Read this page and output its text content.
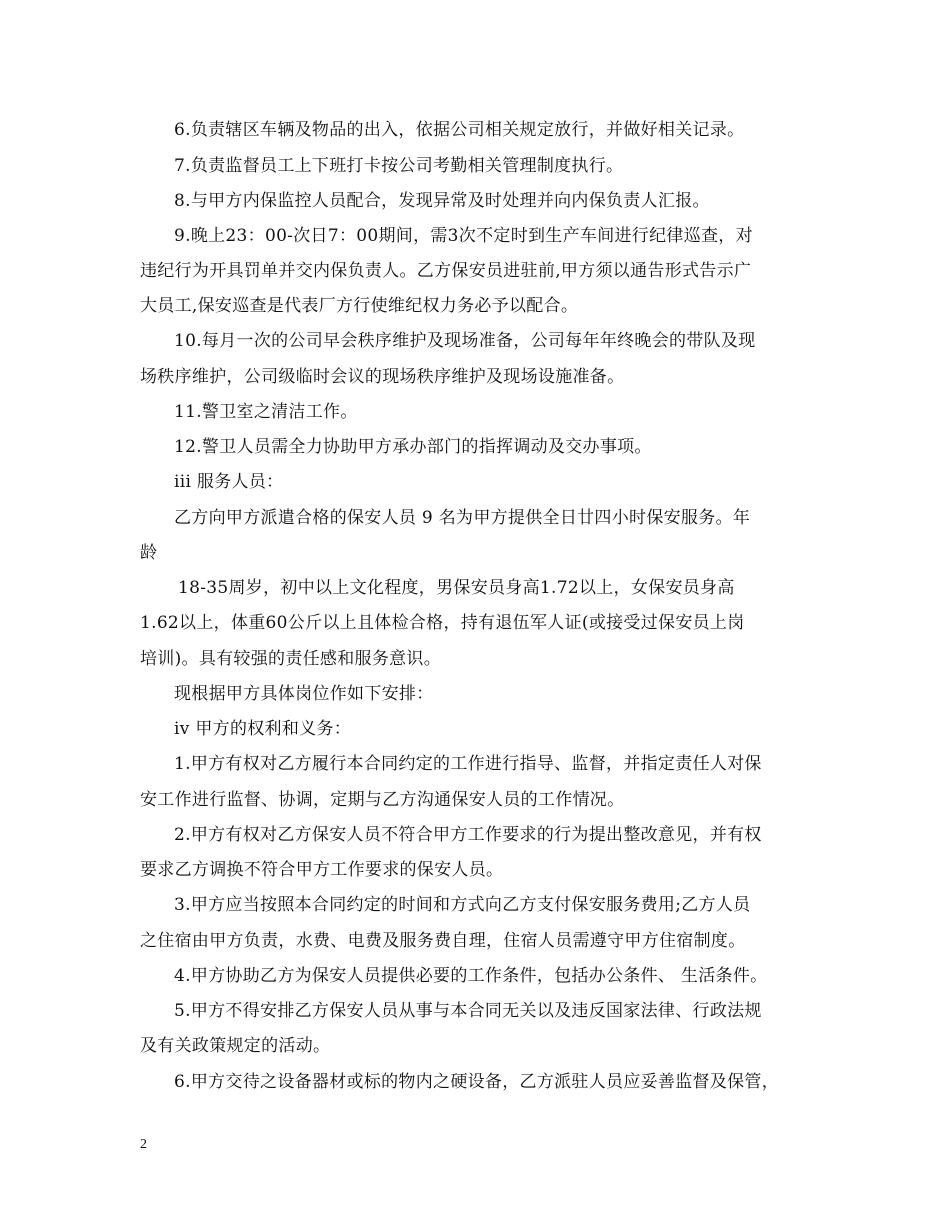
6.负责辖区车辆及物品的出入，依据公司相关规定放行，并做好相关记录。
7.负责监督员工上下班打卡按公司考勤相关管理制度执行。
8.与甲方内保监控人员配合，发现异常及时处理并向内保负责人汇报。
9.晚上23：00-次日7：00期间，需3次不定时到生产车间进行纪律巡查，对
违纪行为开具罚单并交内保负责人。乙方保安员进驻前,甲方须以通告形式告示广
大员工,保安巡查是代表厂方行使维纪权力务必予以配合。
10.每月一次的公司早会秩序维护及现场准备，公司每年年终晚会的带队及现
场秩序维护，公司级临时会议的现场秩序维护及现场设施准备。
11.警卫室之清洁工作。
12.警卫人员需全力协助甲方承办部门的指挥调动及交办事项。
iii 服务人员：
乙方向甲方派遣合格的保安人员 9 名为甲方提供全日廿四小时保安服务。年
龄
18-35周岁，初中以上文化程度，男保安员身高1.72以上，女保安员身高
1.62以上，体重60公斤以上且体检合格，持有退伍军人证(或接受过保安员上岗
培训)。具有较强的责任感和服务意识。
现根据甲方具体岗位作如下安排：
iv 甲方的权利和义务：
1.甲方有权对乙方履行本合同约定的工作进行指导、监督，并指定责任人对保
安工作进行监督、协调，定期与乙方沟通保安人员的工作情况。
2.甲方有权对乙方保安人员不符合甲方工作要求的行为提出整改意见，并有权
要求乙方调换不符合甲方工作要求的保安人员。
3.甲方应当按照本合同约定的时间和方式向乙方支付保安服务费用;乙方人员
之住宿由甲方负责，水费、电费及服务费自理，住宿人员需遵守甲方住宿制度。
4.甲方协助乙方为保安人员提供必要的工作条件，包括办公条件、 生活条件。
5.甲方不得安排乙方保安人员从事与本合同无关以及违反国家法律、行政法规
及有关政策规定的活动。
6.甲方交待之设备器材或标的物内之硬设备，乙方派驻人员应妥善监督及保管，
2
